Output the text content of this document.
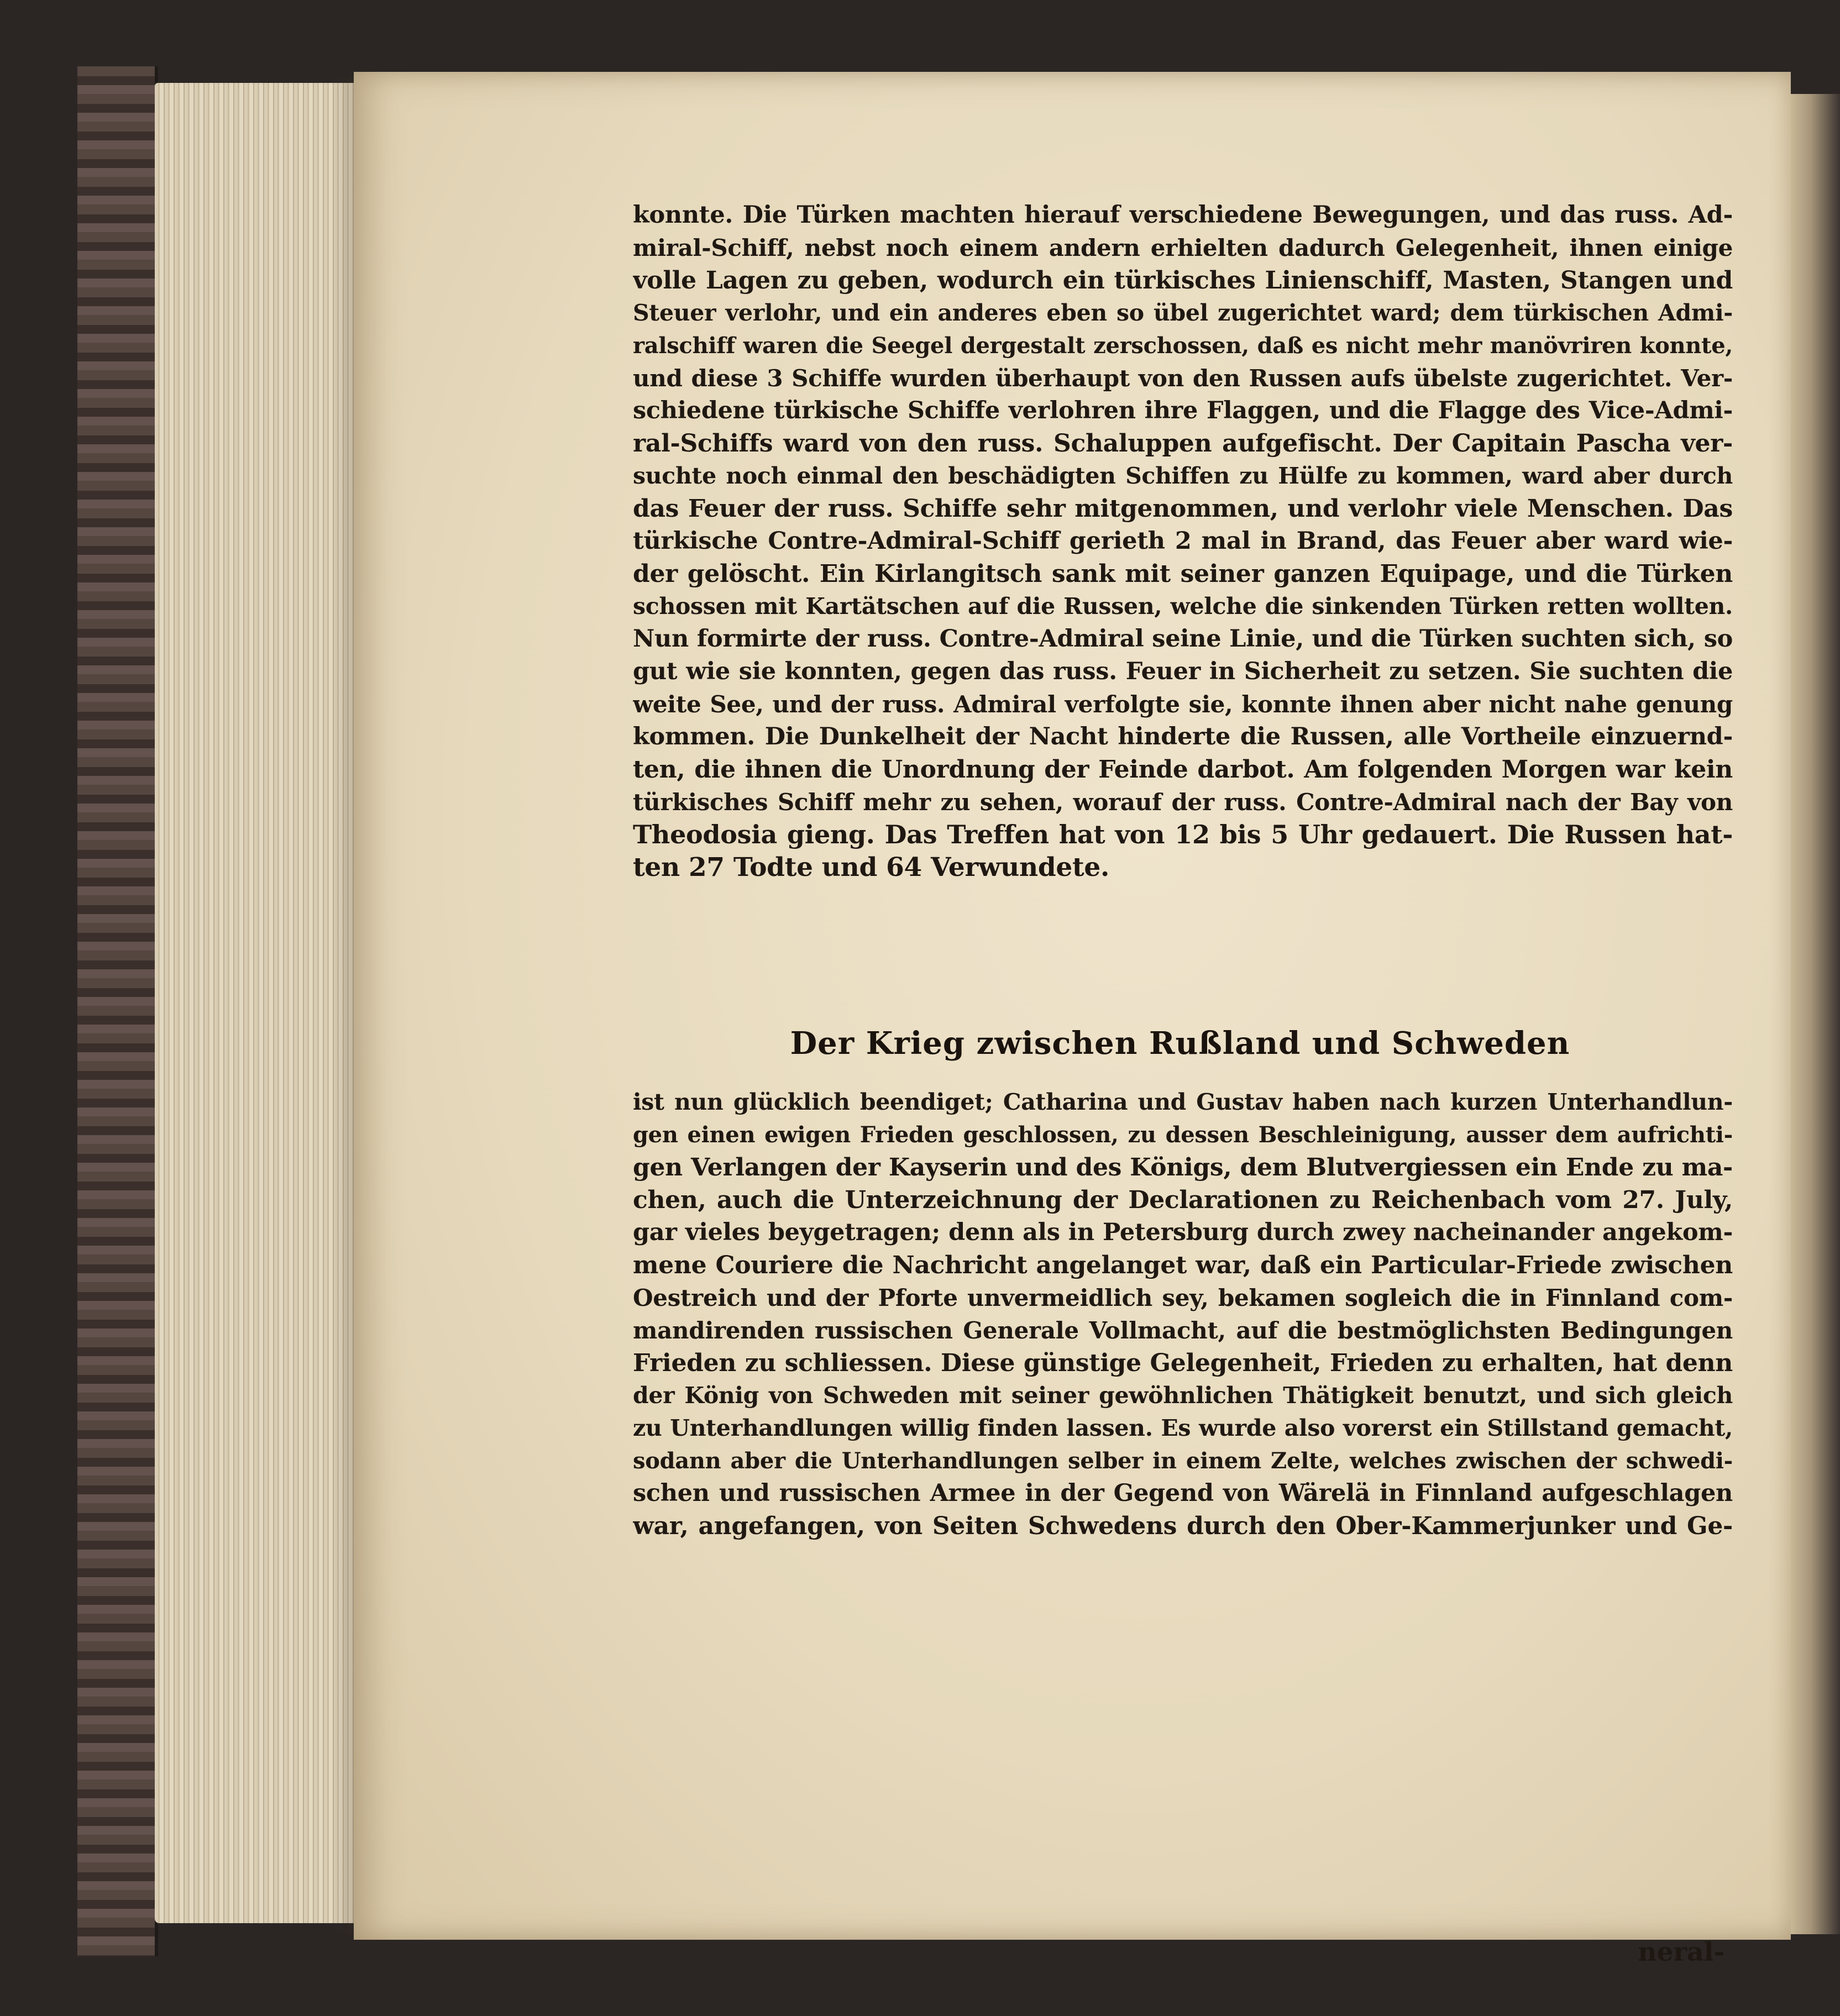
konnte. Die Türken machten hierauf verschiedene Bewegungen, und das russ. Ad-
miral-Schiff, nebst noch einem andern erhielten dadurch Gelegenheit, ihnen einige
volle Lagen zu geben, wodurch ein türkisches Linienschiff, Masten, Stangen und
Steuer verlohr, und ein anderes eben so übel zugerichtet ward; dem türkischen Admi-
ralschiff waren die Seegel dergestalt zerschossen, daß es nicht mehr manövriren konnte,
und diese 3 Schiffe wurden überhaupt von den Russen aufs übelste zugerichtet. Ver-
schiedene türkische Schiffe verlohren ihre Flaggen, und die Flagge des Vice-Admi-
ral-Schiffs ward von den russ. Schaluppen aufgefischt. Der Capitain Pascha ver-
suchte noch einmal den beschädigten Schiffen zu Hülfe zu kommen, ward aber durch
das Feuer der russ. Schiffe sehr mitgenommen, und verlohr viele Menschen. Das
türkische Contre-Admiral-Schiff gerieth 2 mal in Brand, das Feuer aber ward wie-
der gelöscht. Ein Kirlangitsch sank mit seiner ganzen Equipage, und die Türken
schossen mit Kartätschen auf die Russen, welche die sinkenden Türken retten wollten.
Nun formirte der russ. Contre-Admiral seine Linie, und die Türken suchten sich, so
gut wie sie konnten, gegen das russ. Feuer in Sicherheit zu setzen. Sie suchten die
weite See, und der russ. Admiral verfolgte sie, konnte ihnen aber nicht nahe genung
kommen. Die Dunkelheit der Nacht hinderte die Russen, alle Vortheile einzuernd-
ten, die ihnen die Unordnung der Feinde darbot. Am folgenden Morgen war kein
türkisches Schiff mehr zu sehen, worauf der russ. Contre-Admiral nach der Bay von
Theodosia gieng. Das Treffen hat von 12 bis 5 Uhr gedauert. Die Russen hat-
ten 27 Todte und 64 Verwundete.
Der Krieg zwischen Rußland und Schweden
ist nun glücklich beendiget; Catharina und Gustav haben nach kurzen Unterhandlun-
gen einen ewigen Frieden geschlossen, zu dessen Beschleinigung, ausser dem aufrichti-
gen Verlangen der Kayserin und des Königs, dem Blutvergiessen ein Ende zu ma-
chen, auch die Unterzeichnung der Declarationen zu Reichenbach vom 27. July,
gar vieles beygetragen; denn als in Petersburg durch zwey nacheinander angekom-
mene Couriere die Nachricht angelanget war, daß ein Particular-Friede zwischen
Oestreich und der Pforte unvermeidlich sey, bekamen sogleich die in Finnland com-
mandirenden russischen Generale Vollmacht, auf die bestmöglichsten Bedingungen
Frieden zu schliessen. Diese günstige Gelegenheit, Frieden zu erhalten, hat denn
der König von Schweden mit seiner gewöhnlichen Thätigkeit benutzt, und sich gleich
zu Unterhandlungen willig finden lassen. Es wurde also vorerst ein Stillstand gemacht,
sodann aber die Unterhandlungen selber in einem Zelte, welches zwischen der schwedi-
schen und russischen Armee in der Gegend von Wärelä in Finnland aufgeschlagen
war, angefangen, von Seiten Schwedens durch den Ober-Kammerjunker und Ge-
neral-
